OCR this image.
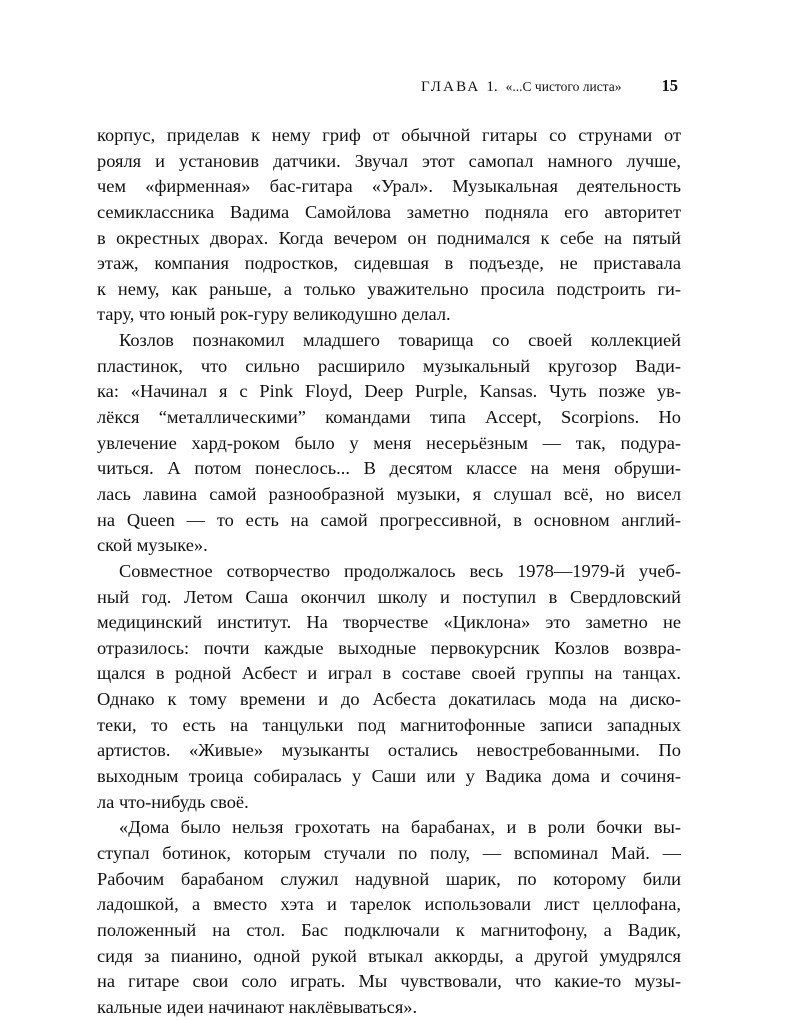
ГЛАВА 1. «...С чистого листа» 15
корпус, приделав к нему гриф от обычной гитары со струнами от
рояля и установив датчики. Звучал этот самопал намного лучше,
чем «фирменная» бас-гитара «Урал». Музыкальная деятельность
семиклассника Вадима Самойлова заметно подняла его авторитет
в окрестных дворах. Когда вечером он поднимался к себе на пятый
этаж, компания подростков, сидевшая в подъезде, не приставала
к нему, как раньше, а только уважительно просила подстроить ги-
тару, что юный рок-гуру великодушно делал.
Козлов познакомил младшего товарища со своей коллекцией
пластинок, что сильно расширило музыкальный кругозор Вади-
ка: «Начинал я с Pink Floyd, Deep Purple, Kansas. Чуть позже ув-
лёкся “металлическими” командами типа Accept, Scorpions. Но
увлечение хард-роком было у меня несерьёзным — так, подура-
читься. А потом понеслось... В десятом классе на меня обруши-
лась лавина самой разнообразной музыки, я слушал всё, но висел
на Queen — то есть на самой прогрессивной, в основном англий-
ской музыке».
Совместное сотворчество продолжалось весь 1978—1979-й учеб-
ный год. Летом Саша окончил школу и поступил в Свердловский
медицинский институт. На творчестве «Циклона» это заметно не
отразилось: почти каждые выходные первокурсник Козлов возвра-
щался в родной Асбест и играл в составе своей группы на танцах.
Однако к тому времени и до Асбеста докатилась мода на диско-
теки, то есть на танцульки под магнитофонные записи западных
артистов. «Живые» музыканты остались невостребованными. По
выходным троица собиралась у Саши или у Вадика дома и сочиня-
ла что-нибудь своё.
«Дома было нельзя грохотать на барабанах, и в роли бочки вы-
ступал ботинок, которым стучали по полу, — вспоминал Май. —
Рабочим барабаном служил надувной шарик, по которому били
ладошкой, а вместо хэта и тарелок использовали лист целлофана,
положенный на стол. Бас подключали к магнитофону, а Вадик,
сидя за пианино, одной рукой втыкал аккорды, а другой умудрялся
на гитаре свои соло играть. Мы чувствовали, что какие-то музы-
кальные идеи начинают наклёвываться».
